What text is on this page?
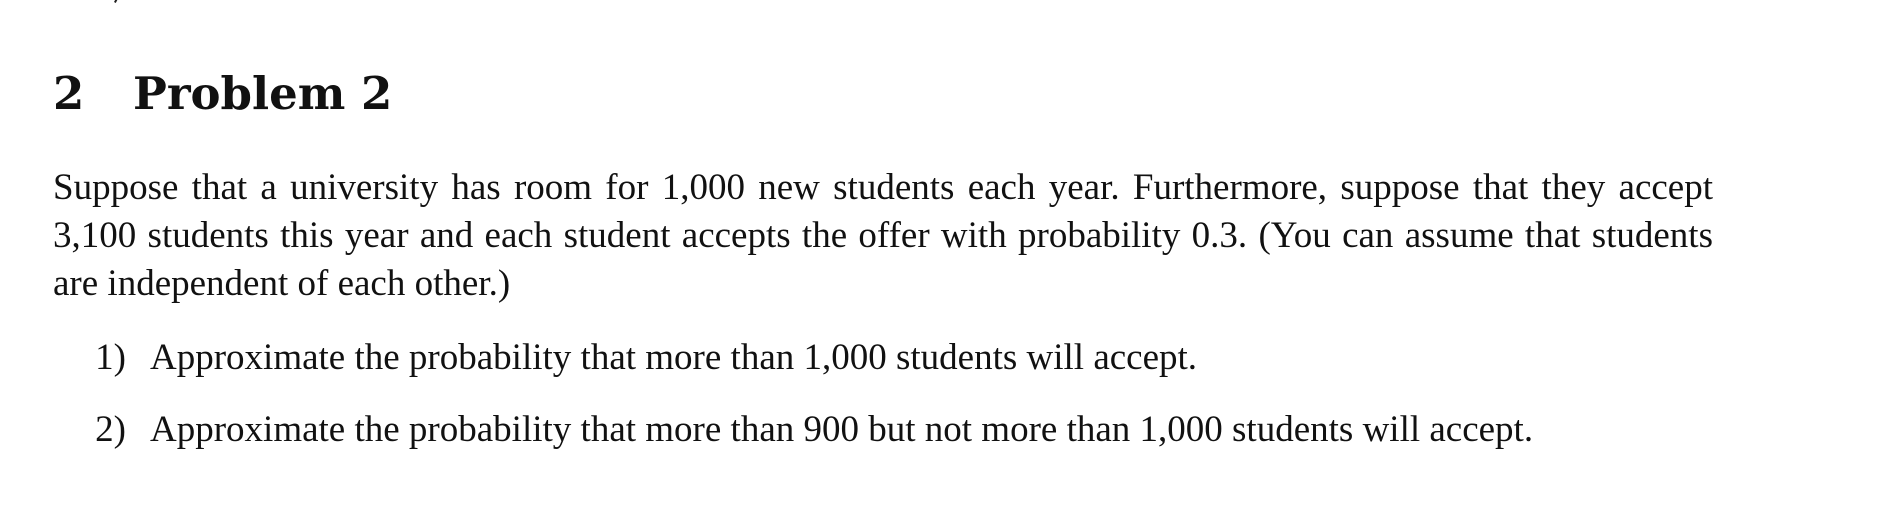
2 Problem 2

Suppose that a university has room for 1,000 new students each year. Furthermore, suppose that they accept 3,100 students this year and each student accepts the offer with probability 0.3. (You can assume that students are independent of each other.)

1) Approximate the probability that more than 1,000 students will accept.
2) Approximate the probability that more than 900 but not more than 1,000 students will accept.
